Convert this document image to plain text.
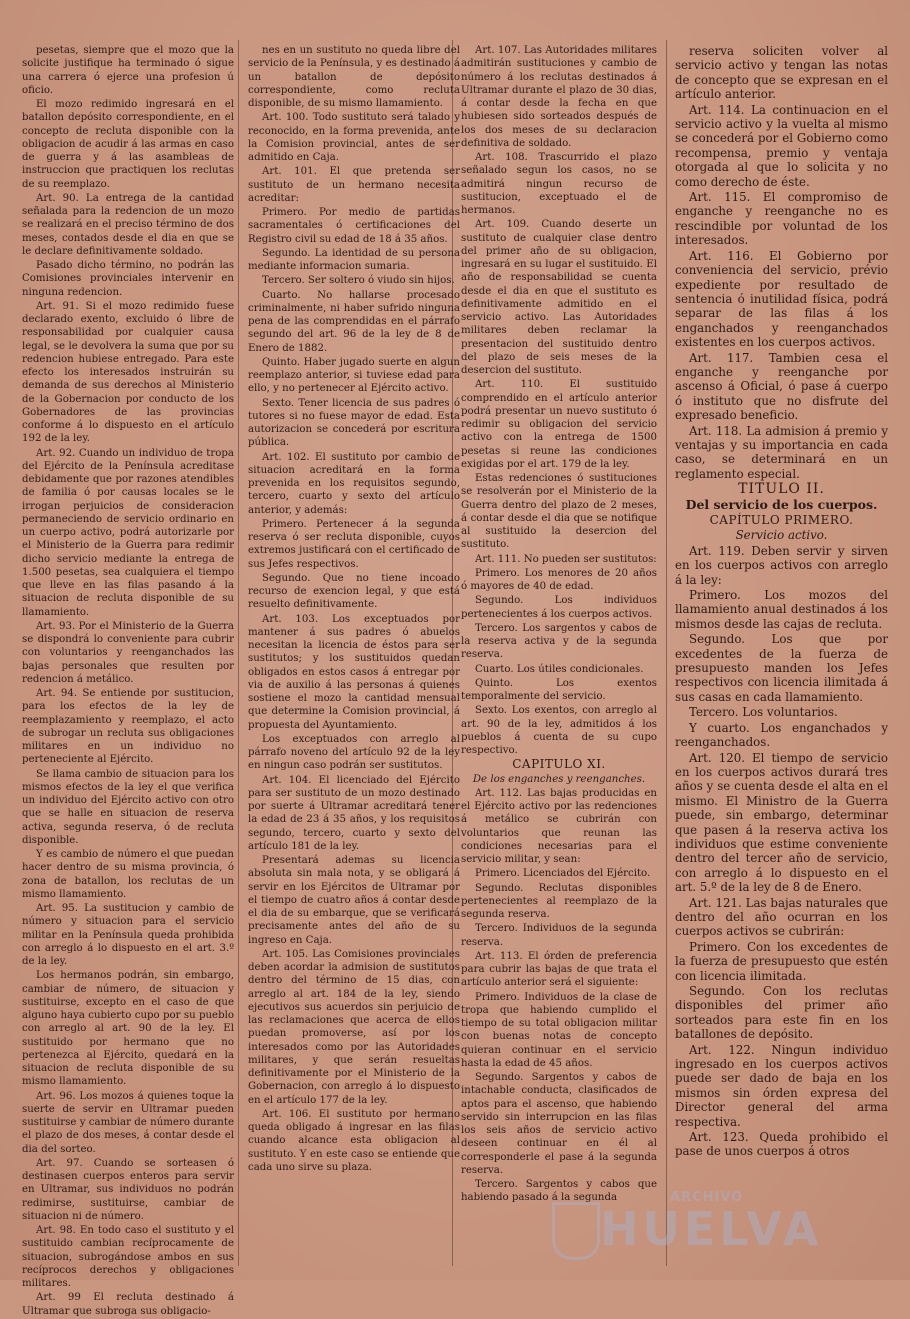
pesetas, siempre que el mozo que la solicite justifique ha terminado ó sigue una carrera ó ejerce una profesion ú oficio.

El mozo redimido ingresará en el batallon depósito correspondiente, en el concepto de recluta disponible con la obligacion de acudir á las armas en caso de guerra y á las asambleas de instruccion que practiquen los reclutas de su reemplazo.

Art. 90. La entrega de la cantidad señalada para la redencion de un mozo se realizará en el preciso término de dos meses, contados desde el dia en que se le declare definitivamente soldado.

Pasado dicho término, no podrán las Comisiones provinciales intervenir en ninguna redencion.

Art. 91. Si el mozo redimido fuese declarado exento, excluido ó libre de responsabilidad por cualquier causa legal, se le devolvera la suma que por su redencion hubiese entregado. Para este efecto los interesados instruirán su demanda de sus derechos al Ministerio de la Gobernacion por conducto de los Gobernadores de las provincias conforme á lo dispuesto en el artículo 192 de la ley.

Art. 92. Cuando un individuo de tropa del Ejército de la Península acreditase debidamente que por razones atendibles de familia ó por causas locales se le irrogan perjuicios de consideracion permaneciendo de servicio ordinario en un cuerpo activo, podrá autorizarle por el Ministerio de la Guerra para redimir dicho servicio mediante la entrega de 1.500 pesetas, sea cualquiera el tiempo que lleve en las filas pasando á la situacion de recluta disponible de su llamamiento.

Art. 93. Por el Ministerio de la Guerra se dispondrá lo conveniente para cubrir con voluntarios y reenganchados las bajas personales que resulten por redencion á metálico.

Art. 94. Se entiende por sustitucion, para los efectos de la ley de reemplazamiento y reemplazo, el acto de subrogar un recluta sus obligaciones militares en un individuo no perteneciente al Ejército.

Se llama cambio de situacion para los mismos efectos de la ley el que verifica un individuo del Ejército activo con otro que se halle en situacion de reserva activa, segunda reserva, ó de recluta disponible.

Y es cambio de número el que puedan hacer dentro de su misma provincia, ó zona de batallon, los reclutas de un mismo llamamiento.

Art. 95. La sustitucion y cambio de número y situacion para el servicio militar en la Península queda prohibida con arreglo á lo dispuesto en el art. 3.º de la ley.

Los hermanos podrán, sin embargo, cambiar de número, de situacion y sustituirse, excepto en el caso de que alguno haya cubierto cupo por su pueblo con arreglo al art. 90 de la ley. El sustituido por hermano que no pertenezca al Ejército, quedará en la situacion de recluta disponible de su mismo llamamiento.

Art. 96. Los mozos á quienes toque la suerte de servir en Ultramar pueden sustituirse y cambiar de número durante el plazo de dos meses, á contar desde el dia del sorteo.

Art. 97. Cuando se sorteasen ó destinasen cuerpos enteros para servir en Ultramar, sus individuos no podrán redimirse, sustituirse, cambiar de situacion ni de número.

Art. 98. En todo caso el sustituto y el sustituido cambian recíprocamente de situacion, subrogándose ambos en sus recíprocos derechos y obligaciones militares.

Art. 99 El recluta destinado á Ultramar que subroga sus obligacio-

nes en un sustituto no queda libre del servicio de la Península, y es destinado á un batallon de depósito correspondiente, como recluta disponible, de su mismo llamamiento.

Art. 100. Todo sustituto será talado y reconocido, en la forma prevenida, ante la Comision provincial, antes de ser admitido en Caja.

Art. 101. El que pretenda ser sustituto de un hermano necesita acreditar:

Primero. Por medio de partidas sacramentales ó certificaciones del Registro civil su edad de 18 á 35 años.

Segundo. La identidad de su persona mediante informacion sumaria.

Tercero. Ser soltero ó viudo sin hijos.

Cuarto. No hallarse procesado criminalmente, ni haber sufrido ninguna pena de las comprendidas en el párrafo segundo del art. 96 de la ley de 8 de Enero de 1882.

Quinto. Haber jugado suerte en algun reemplazo anterior, si tuviese edad para ello, y no pertenecer al Ejército activo.

Sexto. Tener licencia de sus padres ó tutores si no fuese mayor de edad. Esta autorizacion se concederá por escritura pública.

Art. 102. El sustituto por cambio de situacion acreditará en la forma prevenida en los requisitos segundo, tercero, cuarto y sexto del artículo anterior, y además:

Primero. Pertenecer á la segunda reserva ó ser recluta disponible, cuyos extremos justificará con el certificado de sus Jefes respectivos.

Segundo. Que no tiene incoado recurso de exencion legal, y que está resuelto definitivamente.

Art. 103. Los exceptuados por mantener á sus padres ó abuelos necesitan la licencia de éstos para ser sustitutos; y los sustituidos quedan obligados en estos casos á entregar por via de auxilio á las personas á quienes sostiene el mozo la cantidad mensual que determine la Comision provincial, á propuesta del Ayuntamiento.

Los exceptuados con arreglo al párrafo noveno del artículo 92 de la ley en ningun caso podrán ser sustitutos.

Art. 104. El licenciado del Ejército para ser sustituto de un mozo destinado por suerte á Ultramar acreditará tener la edad de 23 á 35 años, y los requisitos segundo, tercero, cuarto y sexto del artículo 181 de la ley.

Presentará ademas su licencia absoluta sin mala nota, y se obligará á servir en los Ejércitos de Ultramar por el tiempo de cuatro años á contar desde el dia de su embarque, que se verificará precisamente antes del año de su ingreso en Caja.

Art. 105. Las Comisiones provinciales deben acordar la admision de sustitutos dentro del término de 15 dias, con arreglo al art. 184 de la ley, siendo ejecutivos sus acuerdos sin perjuicio de las reclamaciones que acerca de ellos puedan promoverse, así por los interesados como por las Autoridades militares, y que serán resueltas definitivamente por el Ministerio de la Gobernacion, con arreglo á lo dispuesto en el artículo 177 de la ley.

Art. 106. El sustituto por hermano queda obligado á ingresar en las filas cuando alcance esta obligacion al sustituto. Y en este caso se entiende que cada uno sirve su plaza.

Art. 107. Las Autoridades militares admitirán sustituciones y cambio de número á los reclutas destinados á Ultramar durante el plazo de 30 dias, á contar desde la fecha en que hubiesen sido sorteados después de los dos meses de su declaracion definitiva de soldado.

Art. 108. Trascurrido el plazo señalado segun los casos, no se admitirá ningun recurso de sustitucion, exceptuado el de hermanos.

Art. 109. Cuando deserte un sustituto de cualquier clase dentro del primer año de su obligacion, ingresará en su lugar el sustituido. El año de responsabilidad se cuenta desde el dia en que el sustituto es definitivamente admitido en el servicio activo. Las Autoridades militares deben reclamar la presentacion del sustituido dentro del plazo de seis meses de la desercion del sustituto.

Art. 110. El sustituido comprendido en el artículo anterior podrá presentar un nuevo sustituto ó redimir su obligacion del servicio activo con la entrega de 1500 pesetas si reune las condiciones exigidas por el art. 179 de la ley.

Estas redenciones ó sustituciones se resolverán por el Ministerio de la Guerra dentro del plazo de 2 meses, á contar desde el dia que se notifique al sustituido la desercion del sustituto.

Art. 111. No pueden ser sustitutos:

Primero. Los menores de 20 años ó mayores de 40 de edad.

Segundo. Los individuos pertenecientes á los cuerpos activos.

Tercero. Los sargentos y cabos de la reserva activa y de la segunda reserva.

Cuarto. Los útiles condicionales.

Quinto. Los exentos temporalmente del servicio.

Sexto. Los exentos, con arreglo al art. 90 de la ley, admitidos á los pueblos á cuenta de su cupo respectivo.

CAPITULO XI.

De los enganches y reenganches.

Art. 112. Las bajas producidas en el Ejército activo por las redenciones á metálico se cubrirán con voluntarios que reunan las condiciones necesarias para el servicio militar, y sean:

Primero. Licenciados del Ejército.

Segundo. Reclutas disponibles pertenecientes al reemplazo de la segunda reserva.

Tercero. Individuos de la segunda reserva.

Art. 113. El órden de preferencia para cubrir las bajas de que trata el artículo anterior será el siguiente:

Primero. Individuos de la clase de tropa que habiendo cumplido el tiempo de su total obligacion militar con buenas notas de concepto quieran continuar en el servicio hasta la edad de 45 años.

Segundo. Sargentos y cabos de intachable conducta, clasificados de aptos para el ascenso, que habiendo servido sin interrupcion en las filas los seis años de servicio activo deseen continuar en él al corresponderle el pase á la segunda reserva.

Tercero. Sargentos y cabos que habiendo pasado á la segunda

reserva soliciten volver al servicio activo y tengan las notas de concepto que se expresan en el artículo anterior.

Art. 114. La continuacion en el servicio activo y la vuelta al mismo se concederá por el Gobierno como recompensa, premio y ventaja otorgada al que lo solicita y no como derecho de éste.

Art. 115. El compromiso de enganche y reenganche no es rescindible por voluntad de los interesados.

Art. 116. El Gobierno por conveniencia del servicio, prévio expediente por resultado de sentencia ó inutilidad física, podrá separar de las filas á los enganchados y reenganchados existentes en los cuerpos activos.

Art. 117. Tambien cesa el enganche y reenganche por ascenso á Oficial, ó pase á cuerpo ó instituto que no disfrute del expresado beneficio.

Art. 118. La admision á premio y ventajas y su importancia en cada caso, se determinará en un reglamento especial.

TITULO II.

Del servicio de los cuerpos.

CAPÍTULO PRIMERO.

Servicio activo.

Art. 119. Deben servir y sirven en los cuerpos activos con arreglo á la ley:

Primero. Los mozos del llamamiento anual destinados á los mismos desde las cajas de recluta.

Segundo. Los que por excedentes de la fuerza de presupuesto manden los Jefes respectivos con licencia ilimitada á sus casas en cada llamamiento.

Tercero. Los voluntarios.

Y cuarto. Los enganchados y reenganchados.

Art. 120. El tiempo de servicio en los cuerpos activos durará tres años y se cuenta desde el alta en el mismo. El Ministro de la Guerra puede, sin embargo, determinar que pasen á la reserva activa los individuos que estime conveniente dentro del tercer año de servicio, con arreglo á lo dispuesto en el art. 5.º de la ley de 8 de Enero.

Art. 121. Las bajas naturales que dentro del año ocurran en los cuerpos activos se cubrirán:

Primero. Con los excedentes de la fuerza de presupuesto que estén con licencia ilimitada.

Segundo. Con los reclutas disponibles del primer año sorteados para este fin en los batallones de depósito.

Art. 122. Ningun individuo ingresado en los cuerpos activos puede ser dado de baja en los mismos sin órden expresa del Director general del arma respectiva.

Art. 123. Queda prohibido el pase de unos cuerpos á otros

ARCHIVO
HUELVA
